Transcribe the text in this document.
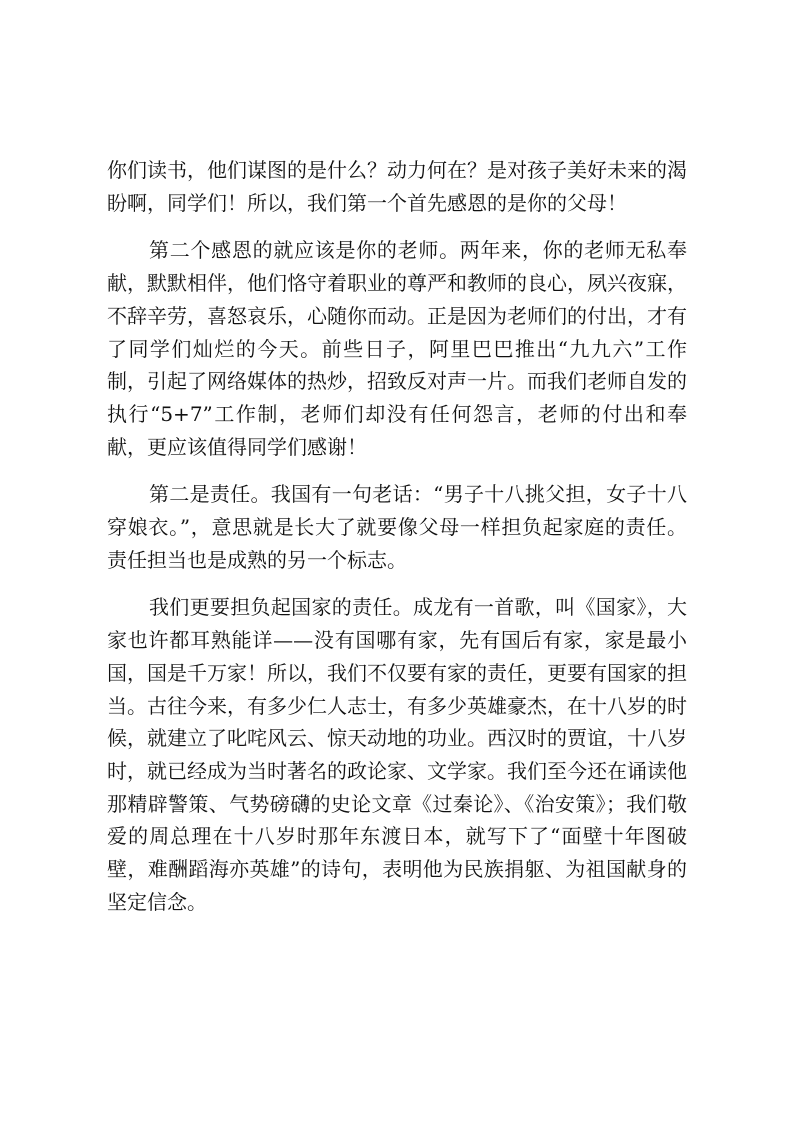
你们读书，他们谋图的是什么？动力何在？是对孩子美好未来的渴盼啊，同学们！所以，我们第一个首先感恩的是你的父母！

第二个感恩的就应该是你的老师。两年来，你的老师无私奉献，默默相伴，他们恪守着职业的尊严和教师的良心，夙兴夜寐，不辞辛劳，喜怒哀乐，心随你而动。正是因为老师们的付出，才有了同学们灿烂的今天。前些日子，阿里巴巴推出“九九六”工作制，引起了网络媒体的热炒，招致反对声一片。而我们老师自发的执行“5+7”工作制，老师们却没有任何怨言，老师的付出和奉献，更应该值得同学们感谢！

第二是责任。我国有一句老话：“男子十八挑父担，女子十八穿娘衣。”，意思就是长大了就要像父母一样担负起家庭的责任。责任担当也是成熟的另一个标志。

我们更要担负起国家的责任。成龙有一首歌，叫《国家》，大家也许都耳熟能详——没有国哪有家，先有国后有家，家是最小国，国是千万家！所以，我们不仅要有家的责任，更要有国家的担当。古往今来，有多少仁人志士，有多少英雄豪杰，在十八岁的时候，就建立了叱咤风云、惊天动地的功业。西汉时的贾谊，十八岁时，就已经成为当时著名的政论家、文学家。我们至今还在诵读他那精辟警策、气势磅礴的史论文章《过秦论》、《治安策》；我们敬爱的周总理在十八岁时那年东渡日本，就写下了“面壁十年图破壁，难酬蹈海亦英雄”的诗句，表明他为民族捐躯、为祖国献身的坚定信念。
